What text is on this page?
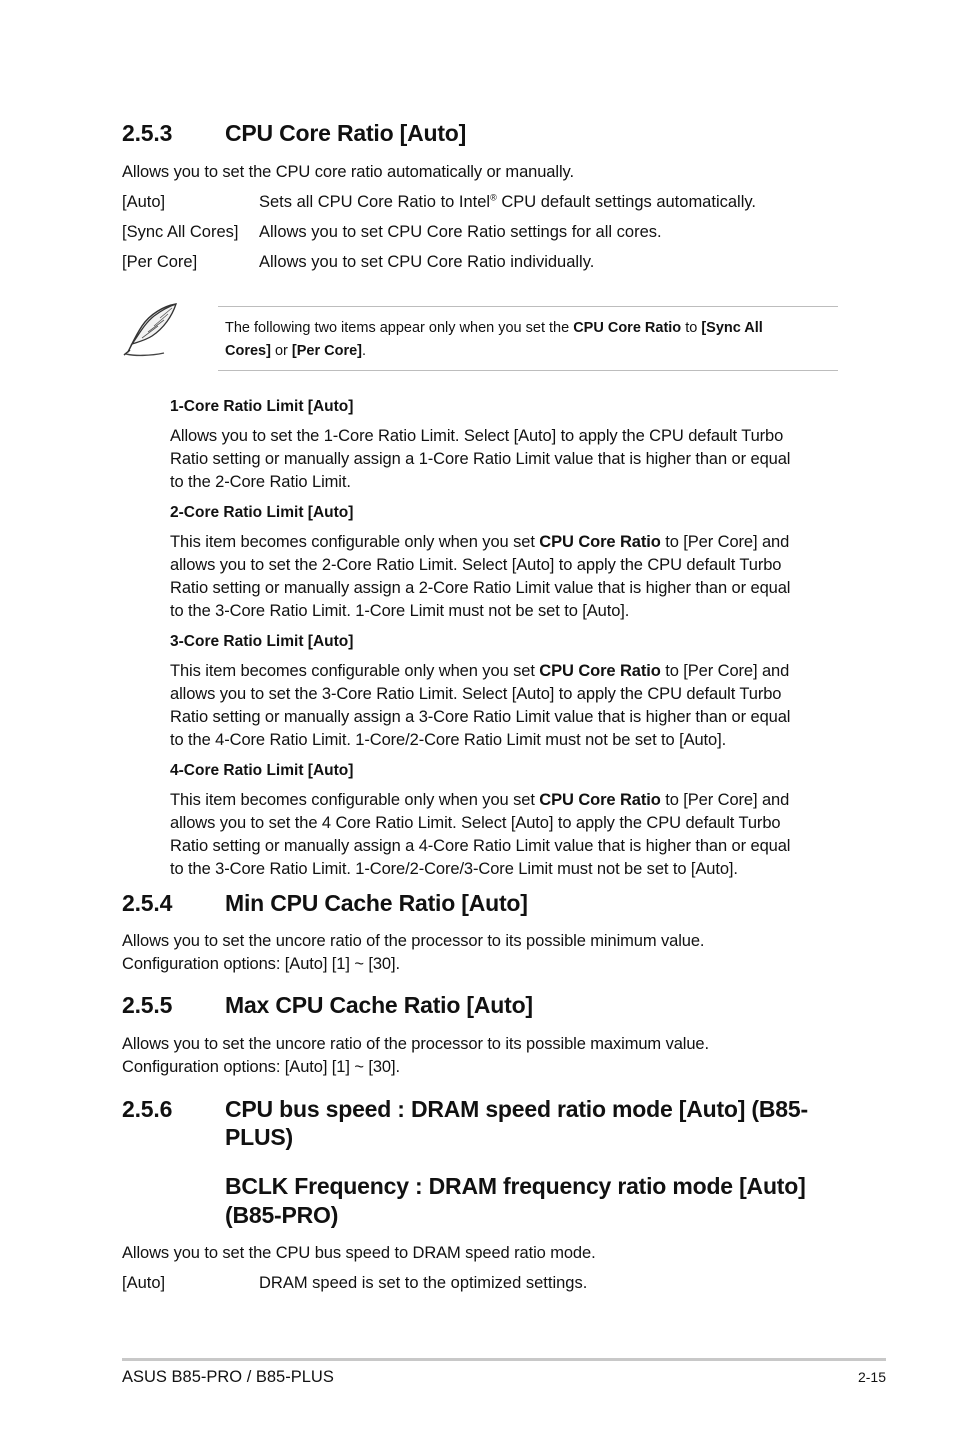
2.5.3 CPU Core Ratio [Auto]
Allows you to set the CPU core ratio automatically or manually.
[Auto]	Sets all CPU Core Ratio to Intel® CPU default settings automatically.
[Sync All Cores] Allows you to set CPU Core Ratio settings for all cores.
[Per Core]	Allows you to set CPU Core Ratio individually.
The following two items appear only when you set the CPU Core Ratio to [Sync All
Cores] or [Per Core].
1-Core Ratio Limit [Auto]
Allows you to set the 1-Core Ratio Limit. Select [Auto] to apply the CPU default Turbo
Ratio setting or manually assign a 1-Core Ratio Limit value that is higher than or equal
to the 2-Core Ratio Limit.
2-Core Ratio Limit [Auto]
This item becomes configurable only when you set CPU Core Ratio to [Per Core] and
allows you to set the 2-Core Ratio Limit. Select [Auto] to apply the CPU default Turbo
Ratio setting or manually assign a 2-Core Ratio Limit value that is higher than or equal
to the 3-Core Ratio Limit. 1-Core Limit must not be set to [Auto].
3-Core Ratio Limit [Auto]
This item becomes configurable only when you set CPU Core Ratio to [Per Core] and
allows you to set the 3-Core Ratio Limit. Select [Auto] to apply the CPU default Turbo
Ratio setting or manually assign a 3-Core Ratio Limit value that is higher than or equal
to the 4-Core Ratio Limit. 1-Core/2-Core Ratio Limit must not be set to [Auto].
4-Core Ratio Limit [Auto]
This item becomes configurable only when you set CPU Core Ratio to [Per Core] and
allows you to set the 4 Core Ratio Limit. Select [Auto] to apply the CPU default Turbo
Ratio setting or manually assign a 4-Core Ratio Limit value that is higher than or equal
to the 3-Core Ratio Limit. 1-Core/2-Core/3-Core Limit must not be set to [Auto].
2.5.4 Min CPU Cache Ratio [Auto]
Allows you to set the uncore ratio of the processor to its possible minimum value.
Configuration options: [Auto] [1] ~ [30].
2.5.5 Max CPU Cache Ratio [Auto]
Allows you to set the uncore ratio of the processor to its possible maximum value.
Configuration options: [Auto] [1] ~ [30].
2.5.6 CPU bus speed : DRAM speed ratio mode [Auto] (B85-
PLUS)
BCLK Frequency : DRAM frequency ratio mode [Auto]
(B85-PRO)
Allows you to set the CPU bus speed to DRAM speed ratio mode.
[Auto]	DRAM speed is set to the optimized settings.
ASUS B85-PRO / B85-PLUS	2-15
